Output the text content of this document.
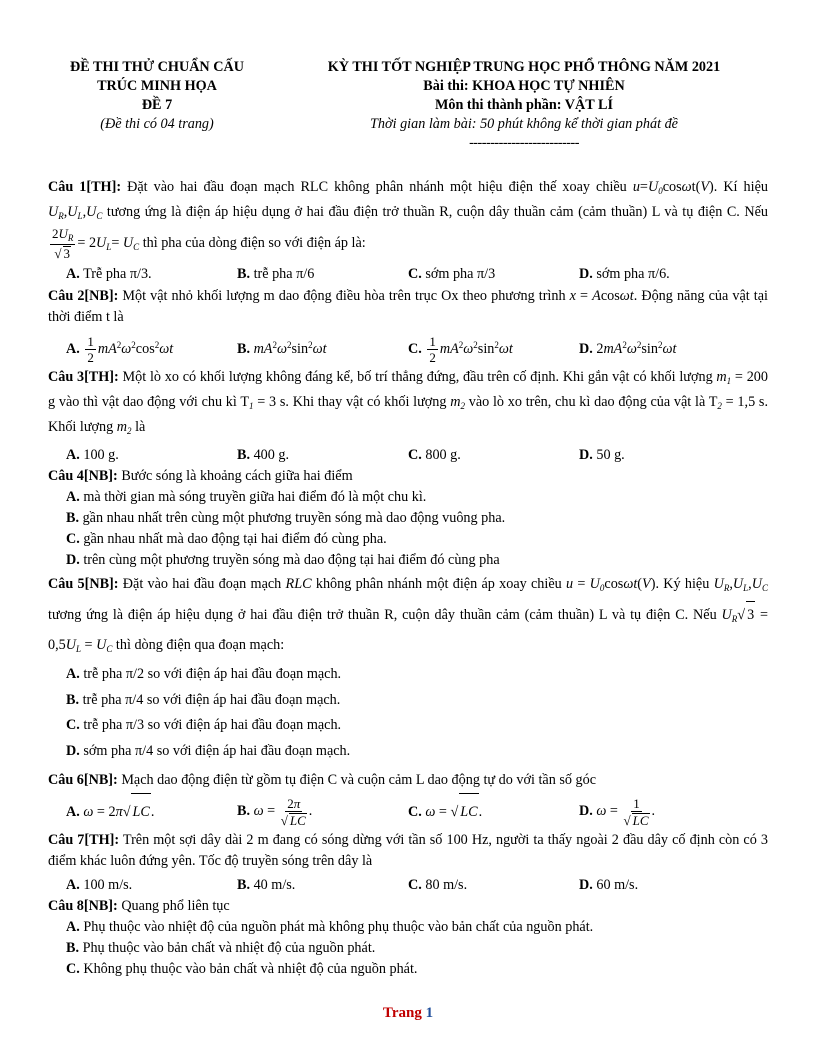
ĐỀ THI THỬ CHUẨN CẤU
TRÚC MINH HỌA
ĐỀ 7
(Đề thi có 04 trang)
KỲ THI TỐT NGHIỆP TRUNG HỌC PHỔ THÔNG NĂM 2021
Bài thi: KHOA HỌC TỰ NHIÊN
Môn thi thành phần: VẬT LÍ
Thời gian làm bài: 50 phút không kể thời gian phát đề
--------------------------
Câu 1[TH]: Đặt vào hai đầu đoạn mạch RLC không phân nhánh một hiệu điện thế xoay chiều $u=U_0\cos\omega t(V)$. Kí hiệu $U_R,U_L,U_C$ tương ứng là điện áp hiệu dụng ở hai đầu điện trở thuần R, cuộn dây thuần cảm (cảm thuần) L và tụ điện C. Nếu
$\frac{2U_R}{√ 3} = 2U_L= U_C$ thì pha của dòng điện so với điện áp là:
A. Trễ pha π/3.	B. trễ pha π/6	C. sớm pha π/3	D. sớm pha π/6.
Câu 2[NB]: Một vật nhỏ khối lượng m dao động điều hòa trên trục Ox theo phương trình x = Acosωt. Động năng của vật tại thời điểm t là
A. $\frac{1}{2} mA^2\omega^2\cos^2\omega t$	B. $mA^2\omega^2\sin^2\omega t$	C. $\frac{1}{2} mA^2\omega^2\sin^2\omega t$	D. $2mA^2\omega^2\sin^2\omega t$
Câu 3[TH]: Một lò xo có khối lượng không đáng kể, bố trí thẳng đứng, đầu trên cố định. Khi gắn vật có khối lượng $m_1 = 200$ g vào thì vật dao động với chu kì $T_1 = 3$ s. Khi thay vật có khối lượng $m_2$ vào lò xo trên, chu kì dao động của vật là $T_2 = 1,5$ s. Khối lượng $m_2$ là
A. 100 g.	B. 400 g.	C. 800 g.	D. 50 g.
Câu 4[NB]: Bước sóng là khoảng cách giữa hai điểm
A. mà thời gian mà sóng truyền giữa hai điểm đó là một chu kì.
B. gần nhau nhất trên cùng một phương truyền sóng mà dao động vuông pha.
C. gần nhau nhất mà dao động tại hai điểm đó cùng pha.
D. trên cùng một phương truyền sóng mà dao động tại hai điểm đó cùng pha
Câu 5[NB]: Đặt vào hai đầu đoạn mạch RLC không phân nhánh một điện áp xoay chiều $u = U_0\cos\omega t(V)$. Ký hiệu $U_R,U_L,U_C$ tương ứng là điện áp hiệu dụng ở hai đầu điện trở thuần R, cuộn dây thuần cảm (cảm thuần) L và tụ điện C. Nếu $U_R√$ $3 = 0,5U_L = U_C$ thì dòng điện qua đoạn mạch:
A. trễ pha π/2 so với điện áp hai đầu đoạn mạch.
B. trễ pha π/4 so với điện áp hai đầu đoạn mạch.
C. trễ pha π/3 so với điện áp hai đầu đoạn mạch.
D. sớm pha π/4 so với điện áp hai đầu đoạn mạch.
Câu 6[NB]: Mạch dao động điện từ gồm tụ điện C và cuộn cảm L dao động tự do với tần số góc
A. ω = 2π√ LC.	B. $\omega = \frac{2\pi}{√ LC}$ .	C. ω = √ LC.	D. $\omega = \frac{1}{√ LC}$ .
Câu 7[TH]: Trên một sợi dây dài 2 m đang có sóng dừng với tần số 100 Hz, người ta thấy ngoài 2 đầu dây cố định còn có 3 điểm khác luôn đứng yên. Tốc độ truyền sóng trên dây là
A. 100 m/s.	B. 40 m/s.	C. 80 m/s.	D. 60 m/s.
Câu 8[NB]: Quang phổ liên tục
A. Phụ thuộc vào nhiệt độ của nguồn phát mà không phụ thuộc vào bản chất của nguồn phát.
B. Phụ thuộc vào bản chất và nhiệt độ của nguồn phát.
C. Không phụ thuộc vào bản chất và nhiệt độ của nguồn phát.
Trang 1
